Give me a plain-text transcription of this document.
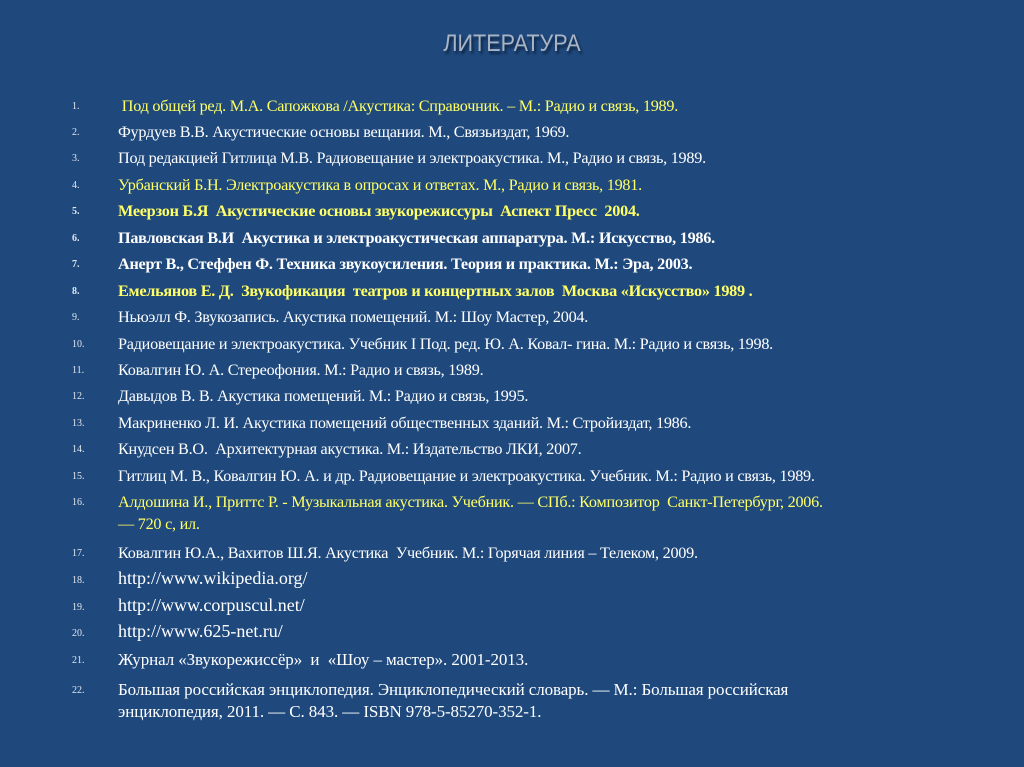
ЛИТЕРАТУРА
1. Под общей ред. М.А. Сапожкова /Акустика: Справочник. – М.: Радио и связь, 1989.
2. Фурдуев В.В. Акустические основы вещания. М., Связьиздат, 1969.
3. Под редакцией Гитлица М.В. Радиовещание и электроакустика. М., Радио и связь, 1989.
4. Урбанский Б.Н. Электроакустика в опросах и ответах. М., Радио и связь, 1981.
5. Меерзон Б.Я  Акустические основы звукорежиссуры  Аспект Пресс  2004.
6. Павловская В.И  Акустика и электроакустическая аппаратура. М.: Искусство, 1986.
7. Анерт В., Стеффен Ф. Техника звукоусиления. Теория и практика. М.: Эра, 2003.
8. Емельянов Е. Д.  Звукофикация  театров и концертных залов  Москва «Искусство» 1989 .
9. Ньюэлл Ф. Звукозапись. Акустика помещений. М.: Шоу Мастер, 2004.
10. Радиовещание и электроакустика. Учебник I Под. ред. Ю. А. Ковал- гина. М.: Радио и связь, 1998.
11. Ковалгин Ю. А. Стереофония. М.: Радио и связь, 1989.
12. Давыдов В. В. Акустика помещений. М.: Радио и связь, 1995.
13. Макриненко Л. И. Акустика помещений общественных зданий. М.: Стройиздат, 1986.
14. Кнудсен В.О.  Архитектурная акустика. М.: Издательство ЛКИ, 2007.
15. Гитлиц М. В., Ковалгин Ю. А. и др. Радиовещание и электроакустика. Учебник. М.: Радио и связь, 1989.
16. Алдошина И., Приттс Р. - Музыкальная акустика. Учебник. — СПб.: Композитор  Санкт-Петербург, 2006.
— 720 с, ил.
17. Ковалгин Ю.А., Вахитов Ш.Я. Акустика  Учебник. М.: Горячая линия – Телеком, 2009.
18. http://www.wikipedia.org/
19. http://www.corpuscul.net/
20. http://www.625-net.ru/
21. Журнал «Звукорежиссёр»  и  «Шоу – мастер». 2001-2013.
22. Большая российская энциклопедия. Энциклопедический словарь. — М.: Большая российская
энциклопедия, 2011. — С. 843. — ISBN 978-5-85270-352-1.
